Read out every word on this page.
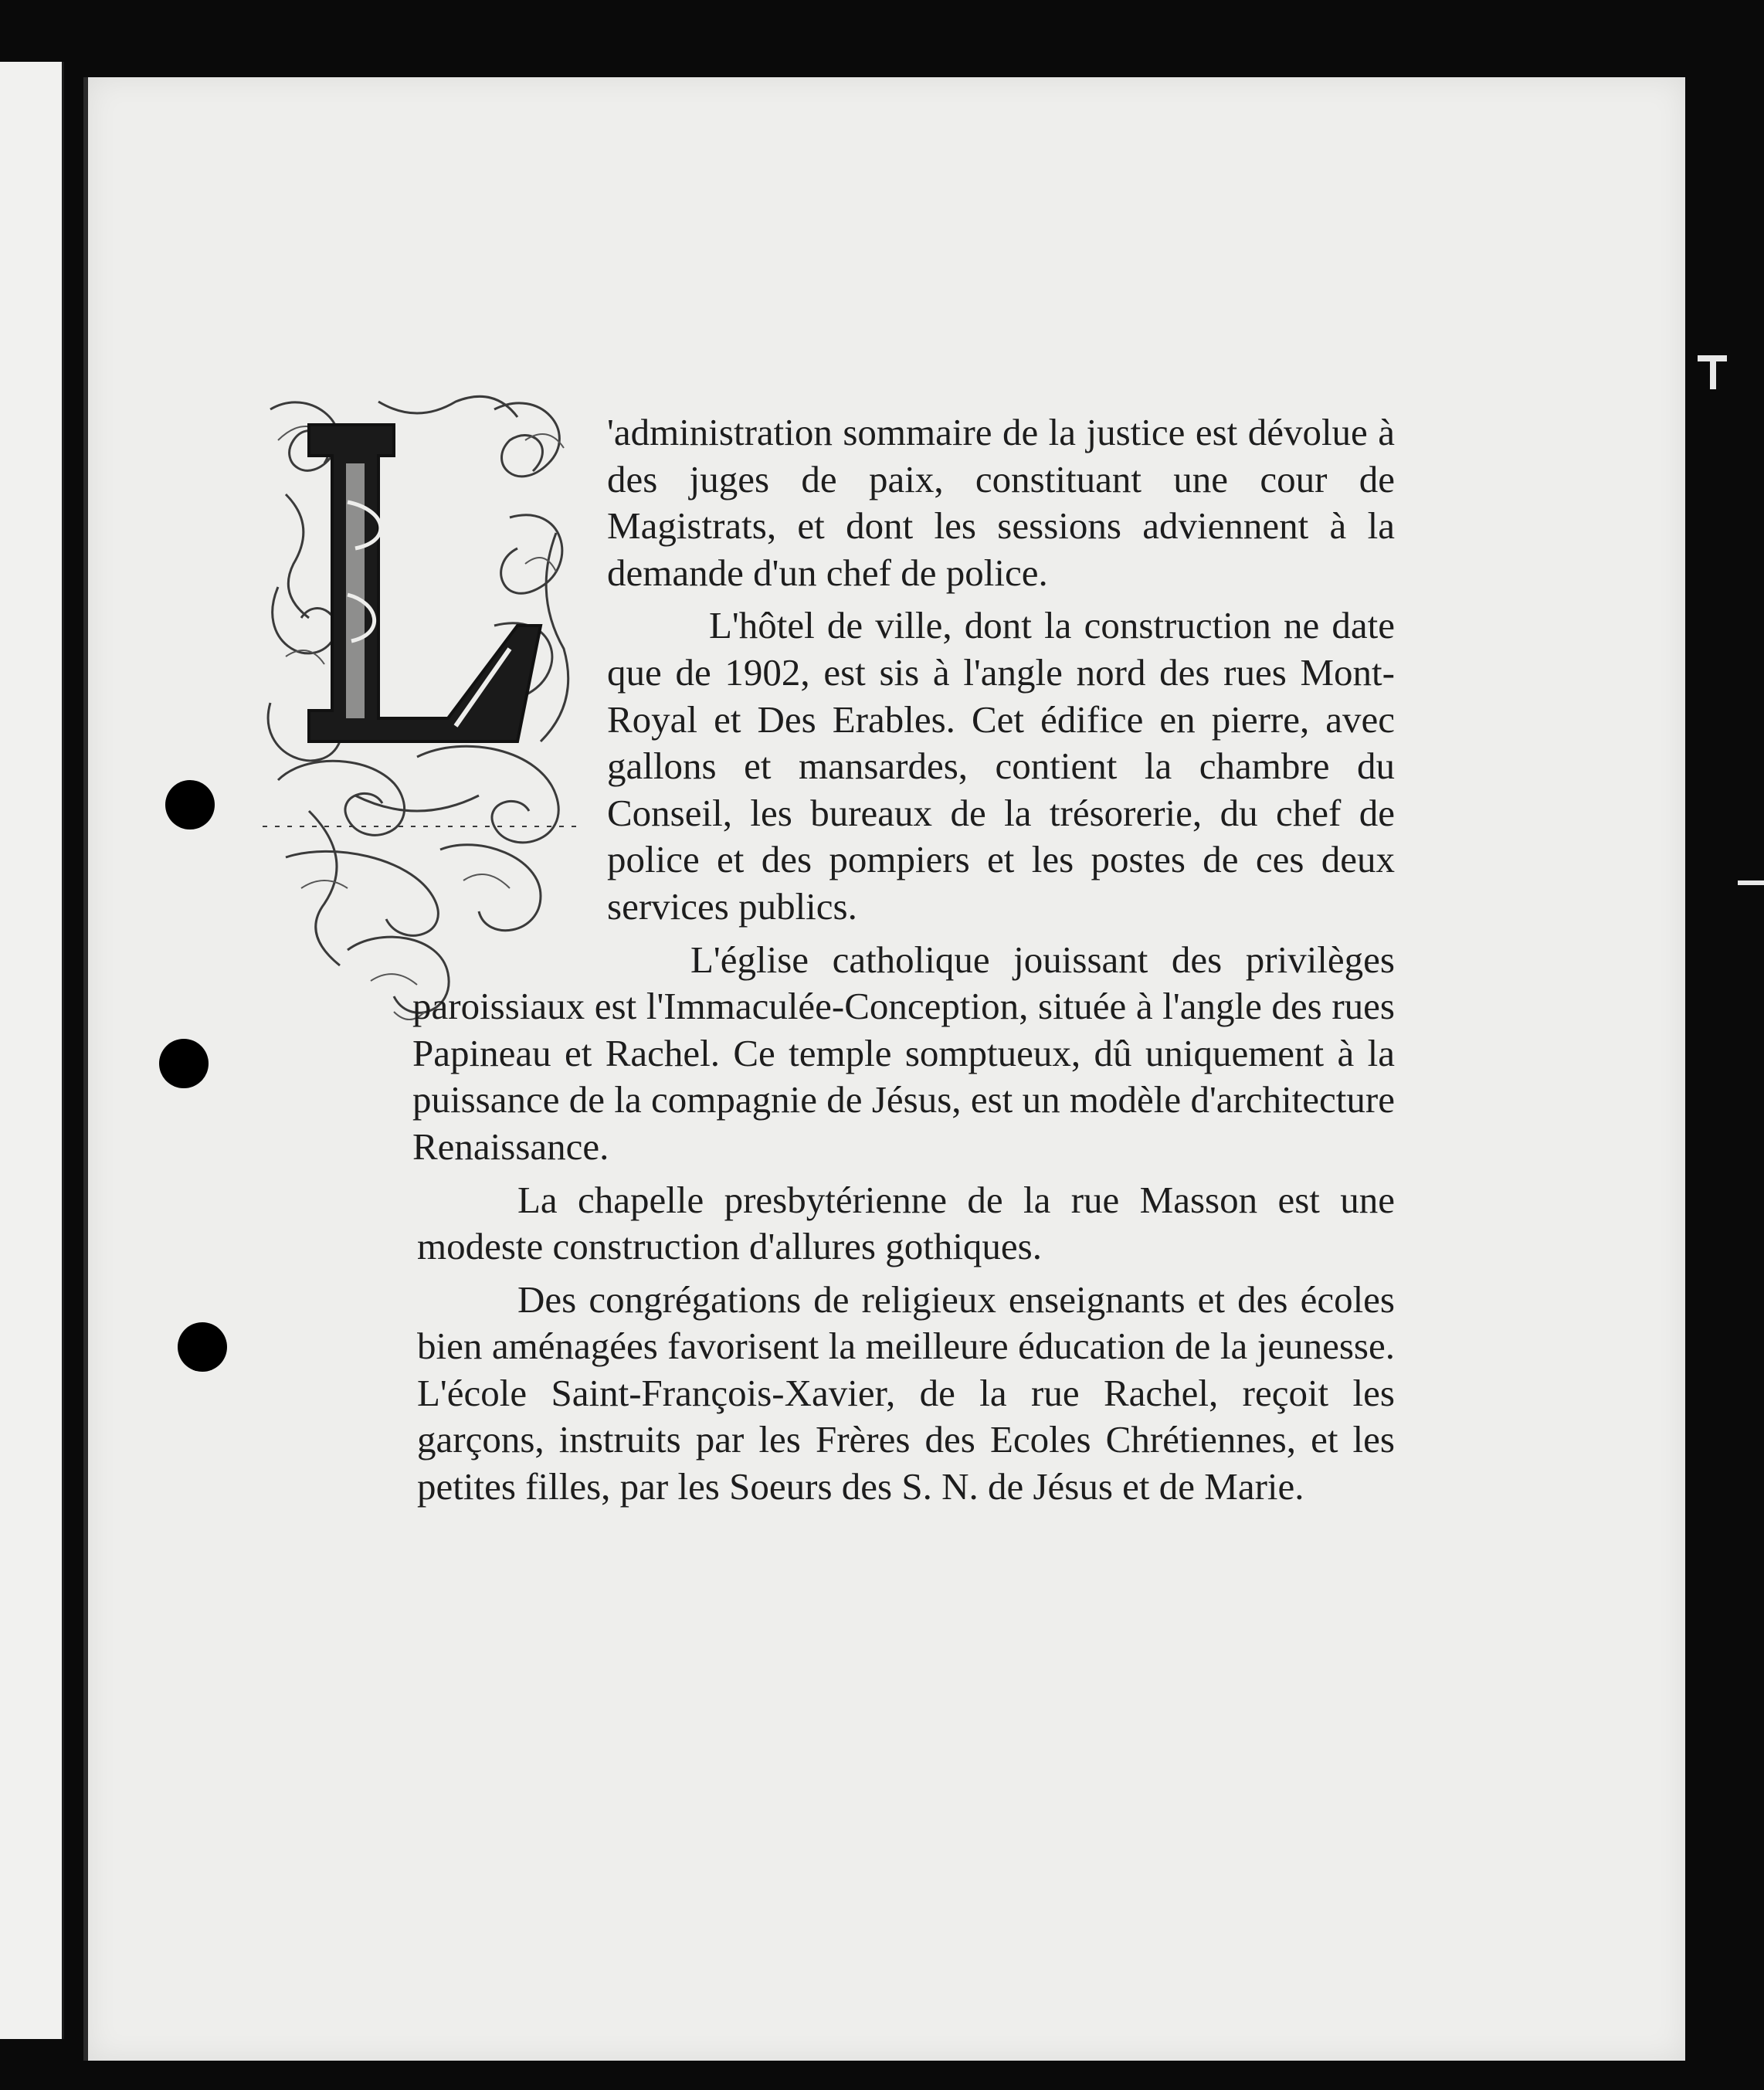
L

'administration sommaire de la justice est dévolue à des juges de paix, constituant une cour de Magistrats, et dont les sessions adviennent à la demande d'un chef de police.

L'hôtel de ville, dont la construction ne date que de 1902, est sis à l'angle nord des rues Mont-Royal et Des Erables. Cet édifice en pierre, avec gallons et mansardes, contient la chambre du Conseil, les bureaux de la trésorerie, du chef de police et des pompiers et les postes de ces deux services publics.

L'église catholique jouissant des privilèges paroissiaux est l'Immaculée-Conception, située à l'angle des rues Papineau et Rachel. Ce temple somptueux, dû uniquement à la puissance de la compagnie de Jésus, est un modèle d'architecture Renaissance.

La chapelle presbytérienne de la rue Masson est une modeste construction d'allures gothiques.

Des congrégations de religieux enseignants et des écoles bien aménagées favorisent la meilleure éducation de la jeunesse. L'école Saint-François-Xavier, de la rue Rachel, reçoit les garçons, instruits par les Frères des Ecoles Chrétiennes, et les petites filles, par les Soeurs des S. N. de Jésus et de Marie.
